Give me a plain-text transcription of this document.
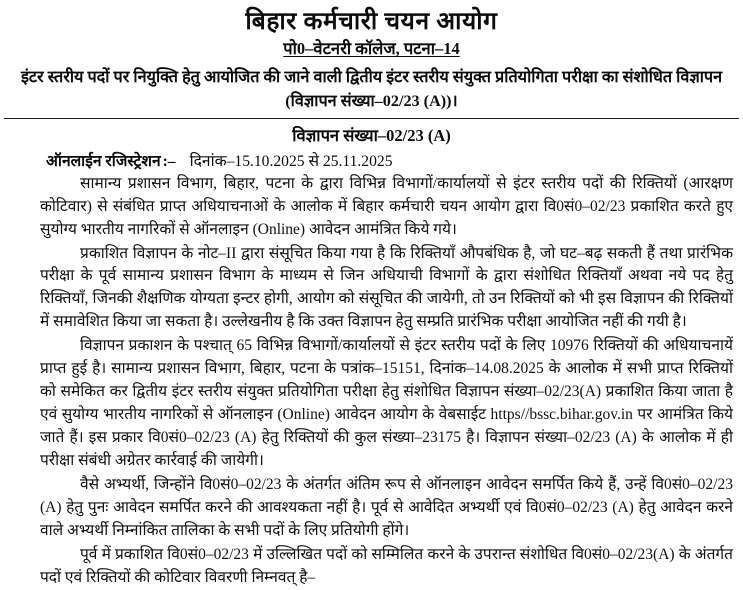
बिहार कर्मचारी चयन आयोग
पो0–वेटनरी कॉलेज, पटना–14
इंटर स्तरीय पदों पर नियुक्ति हेतु आयोजित की जाने वाली द्वितीय इंटर स्तरीय संयुक्त प्रतियोगिता परीक्षा का संशोधित विज्ञापन (विज्ञापन संख्या–02/23 (A))।
विज्ञापन संख्या–02/23 (A)
ऑनलाईन रजिस्ट्रेशन :– दिनांक–15.10.2025 से 25.11.2025

सामान्य प्रशासन विभाग, बिहार, पटना के द्वारा विभिन्न विभागों/कार्यालयों से इंटर स्तरीय पदों की रिक्तियों (आरक्षण कोटिवार) से संबंधित प्राप्त अधियाचनाओं के आलोक में बिहार कर्मचारी चयन आयोग द्वारा वि0सं0–02/23 प्रकाशित करते हुए सुयोग्य भारतीय नागरिकों से ऑनलाइन (Online) आवेदन आमंत्रित किये गये।

प्रकाशित विज्ञापन के नोट–II द्वारा संसूचित किया गया है कि रिक्तियाँ औपबंधिक है, जो घट–बढ़ सकती हैं तथा प्रारंभिक परीक्षा के पूर्व सामान्य प्रशासन विभाग के माध्यम से जिन अधियाची विभागों के द्वारा संशोधित रिक्तियाँ अथवा नये पद हेतु रिक्तियाँ, जिनकी शैक्षणिक योग्यता इन्टर होगी, आयोग को संसूचित की जायेगी, तो उन रिक्तियों को भी इस विज्ञापन की रिक्तियों में समावेशित किया जा सकता है। उल्लेखनीय है कि उक्त विज्ञापन हेतु सम्प्रति प्रारंभिक परीक्षा आयोजित नहीं की गयी है।

विज्ञापन प्रकाशन के पश्चात् 65 विभिन्न विभागों/कार्यालयों से इंटर स्तरीय पदों के लिए 10976 रिक्तियों की अधियाचनायें प्राप्त हुई है। सामान्य प्रशासन विभाग, बिहार, पटना के पत्रांक–15151, दिनांक–14.08.2025 के आलोक में सभी प्राप्त रिक्तियों को समेकित कर द्वितीय इंटर स्तरीय संयुक्त प्रतियोगिता परीक्षा हेतु संशोधित विज्ञापन संख्या–02/23(A) प्रकाशित किया जाता है एवं सुयोग्य भारतीय नागरिकों से ऑनलाइन (Online) आवेदन आयोग के वेबसाईट https//bssc.bihar.gov.in पर आमंत्रित किये जाते हैं। इस प्रकार वि0सं0–02/23 (A) हेतु रिक्तियों की कुल संख्या–23175 है। विज्ञापन संख्या–02/23 (A) के आलोक में ही परीक्षा संबंधी अग्रेतर कार्रवाई की जायेगी।

वैसे अभ्यर्थी, जिन्होंने वि0सं0–02/23 के अंतर्गत अंतिम रूप से ऑनलाइन आवेदन समर्पित किये हैं, उन्हें वि0सं0–02/23 (A) हेतु पुनः आवेदन समर्पित करने की आवश्यकता नहीं है। पूर्व से आवेदित अभ्यर्थी एवं वि0सं0–02/23 (A) हेतु आवेदन करने वाले अभ्यर्थी निम्नांकित तालिका के सभी पदों के लिए प्रतियोगी होंगे।

पूर्व में प्रकाशित वि0सं0–02/23 में उल्लिखित पदों को सम्मिलित करने के उपरान्त संशोधित वि0सं0–02/23(A) के अंतर्गत पदों एवं रिक्तियों की कोटिवार विवरणी निम्नवत् है–
